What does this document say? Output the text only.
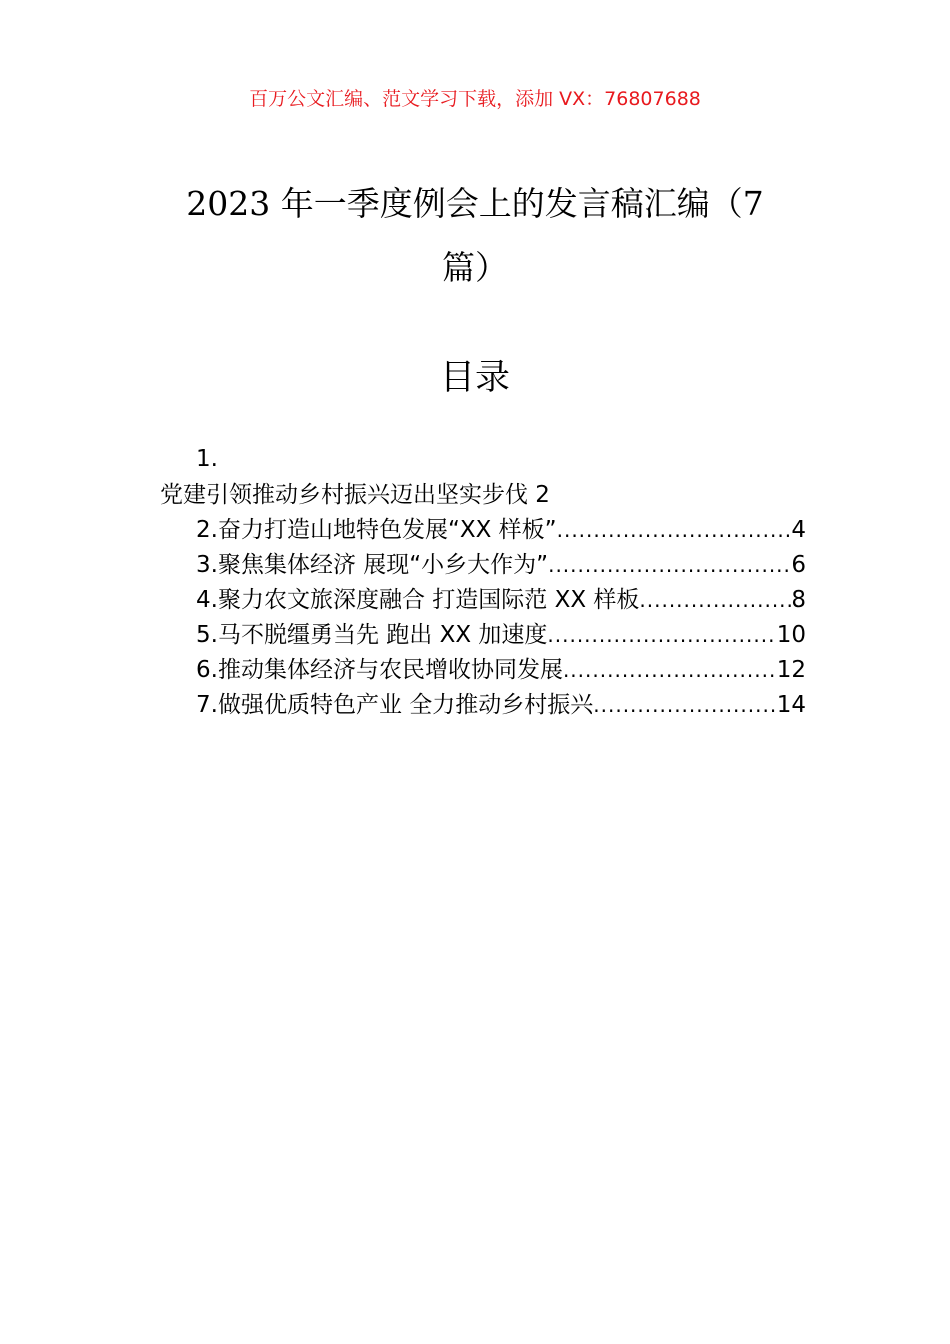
百万公文汇编、范文学习下载，添加 VX：76807688
2023 年一季度例会上的发言稿汇编（7 篇）
目录
1.
党建引领推动乡村振兴迈出坚实步伐 2
2.奋力打造山地特色发展“XX 样板” .....	4
3.聚焦集体经济 展现“小乡大作为” .....	6
4.聚力农文旅深度融合 打造国际范 XX 样板 .....	8
5.马不脱缰勇当先 跑出 XX 加速度 .....	10
6.推动集体经济与农民增收协同发展 .....	12
7.做强优质特色产业 全力推动乡村振兴 .....	14
